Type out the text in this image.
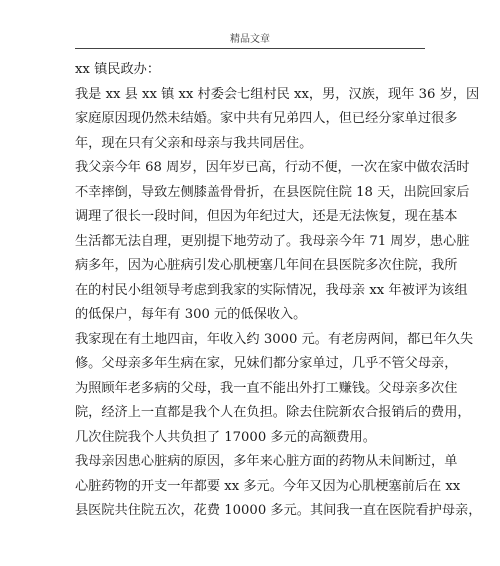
精品文章
xx 镇民政办：
我是 xx 县 xx 镇 xx 村委会七组村民 xx，男，汉族，现年 36 岁，因
家庭原因现仍然未结婚。家中共有兄弟四人，但已经分家单过很多
年，现在只有父亲和母亲与我共同居住。
我父亲今年 68 周岁，因年岁已高，行动不便，一次在家中做农活时
不幸摔倒，导致左侧膝盖骨骨折，在县医院住院 18 天，出院回家后
调理了很长一段时间，但因为年纪过大，还是无法恢复，现在基本
生活都无法自理，更别提下地劳动了。我母亲今年 71 周岁，患心脏
病多年，因为心脏病引发心肌梗塞几年间在县医院多次住院，我所
在的村民小组领导考虑到我家的实际情况，我母亲 xx 年被评为该组
的低保户，每年有 300 元的低保收入。
我家现在有土地四亩，年收入约 3000 元。有老房两间，都已年久失
修。父母亲多年生病在家，兄妹们都分家单过，几乎不管父母亲，
为照顾年老多病的父母，我一直不能出外打工赚钱。父母亲多次住
院，经济上一直都是我个人在负担。除去住院新农合报销后的费用，
几次住院我个人共负担了 17000 多元的高额费用。
我母亲因患心脏病的原因，多年来心脏方面的药物从未间断过，单
心脏药物的开支一年都要 xx 多元。今年又因为心肌梗塞前后在 xx
县医院共住院五次，花费 10000 多元。其间我一直在医院看护母亲，
